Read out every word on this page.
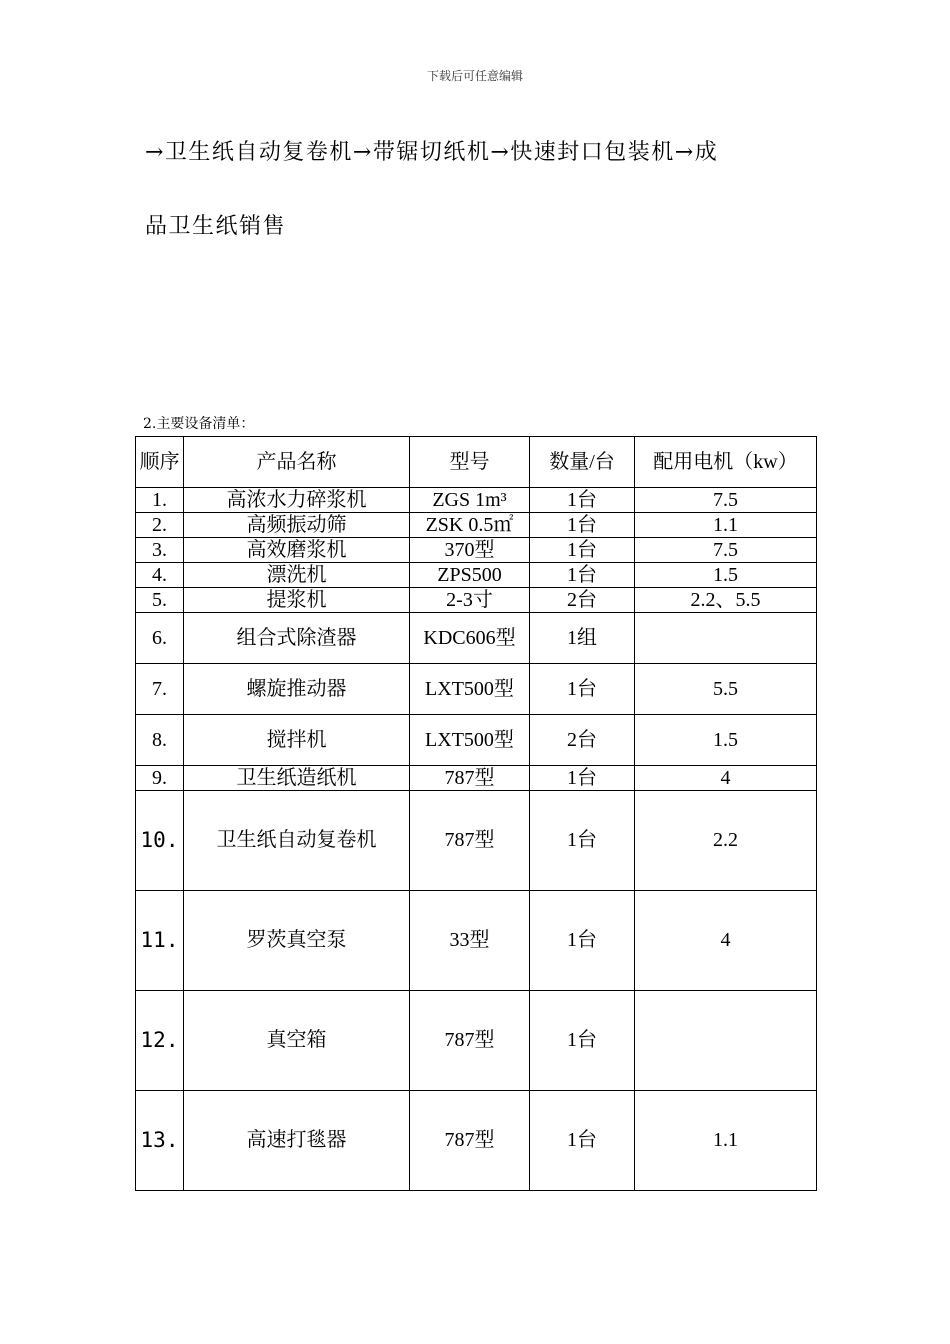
下载后可任意编辑
→卫生纸自动复卷机→带锯切纸机→快速封口包装机→成
品卫生纸销售
2.主要设备清单：
顺序	产品名称	型号	数量/台	配用电机（kw）
1.	高浓水力碎浆机	ZGS 1m³	1台	7.5
2.	高频振动筛	ZSK 0.5㎡	1台	1.1
3.	高效磨浆机	370型	1台	7.5
4.	漂洗机	ZPS500	1台	1.5
5.	提浆机	2-3寸	2台	2.2、5.5
6.	组合式除渣器	KDC606型	1组	
7.	螺旋推动器	LXT500型	1台	5.5
8.	搅拌机	LXT500型	2台	1.5
9.	卫生纸造纸机	787型	1台	4
10.	卫生纸自动复卷机	787型	1台	2.2
11.	罗茨真空泵	33型	1台	4
12.	真空箱	787型	1台	
13.	高速打毯器	787型	1台	1.1
